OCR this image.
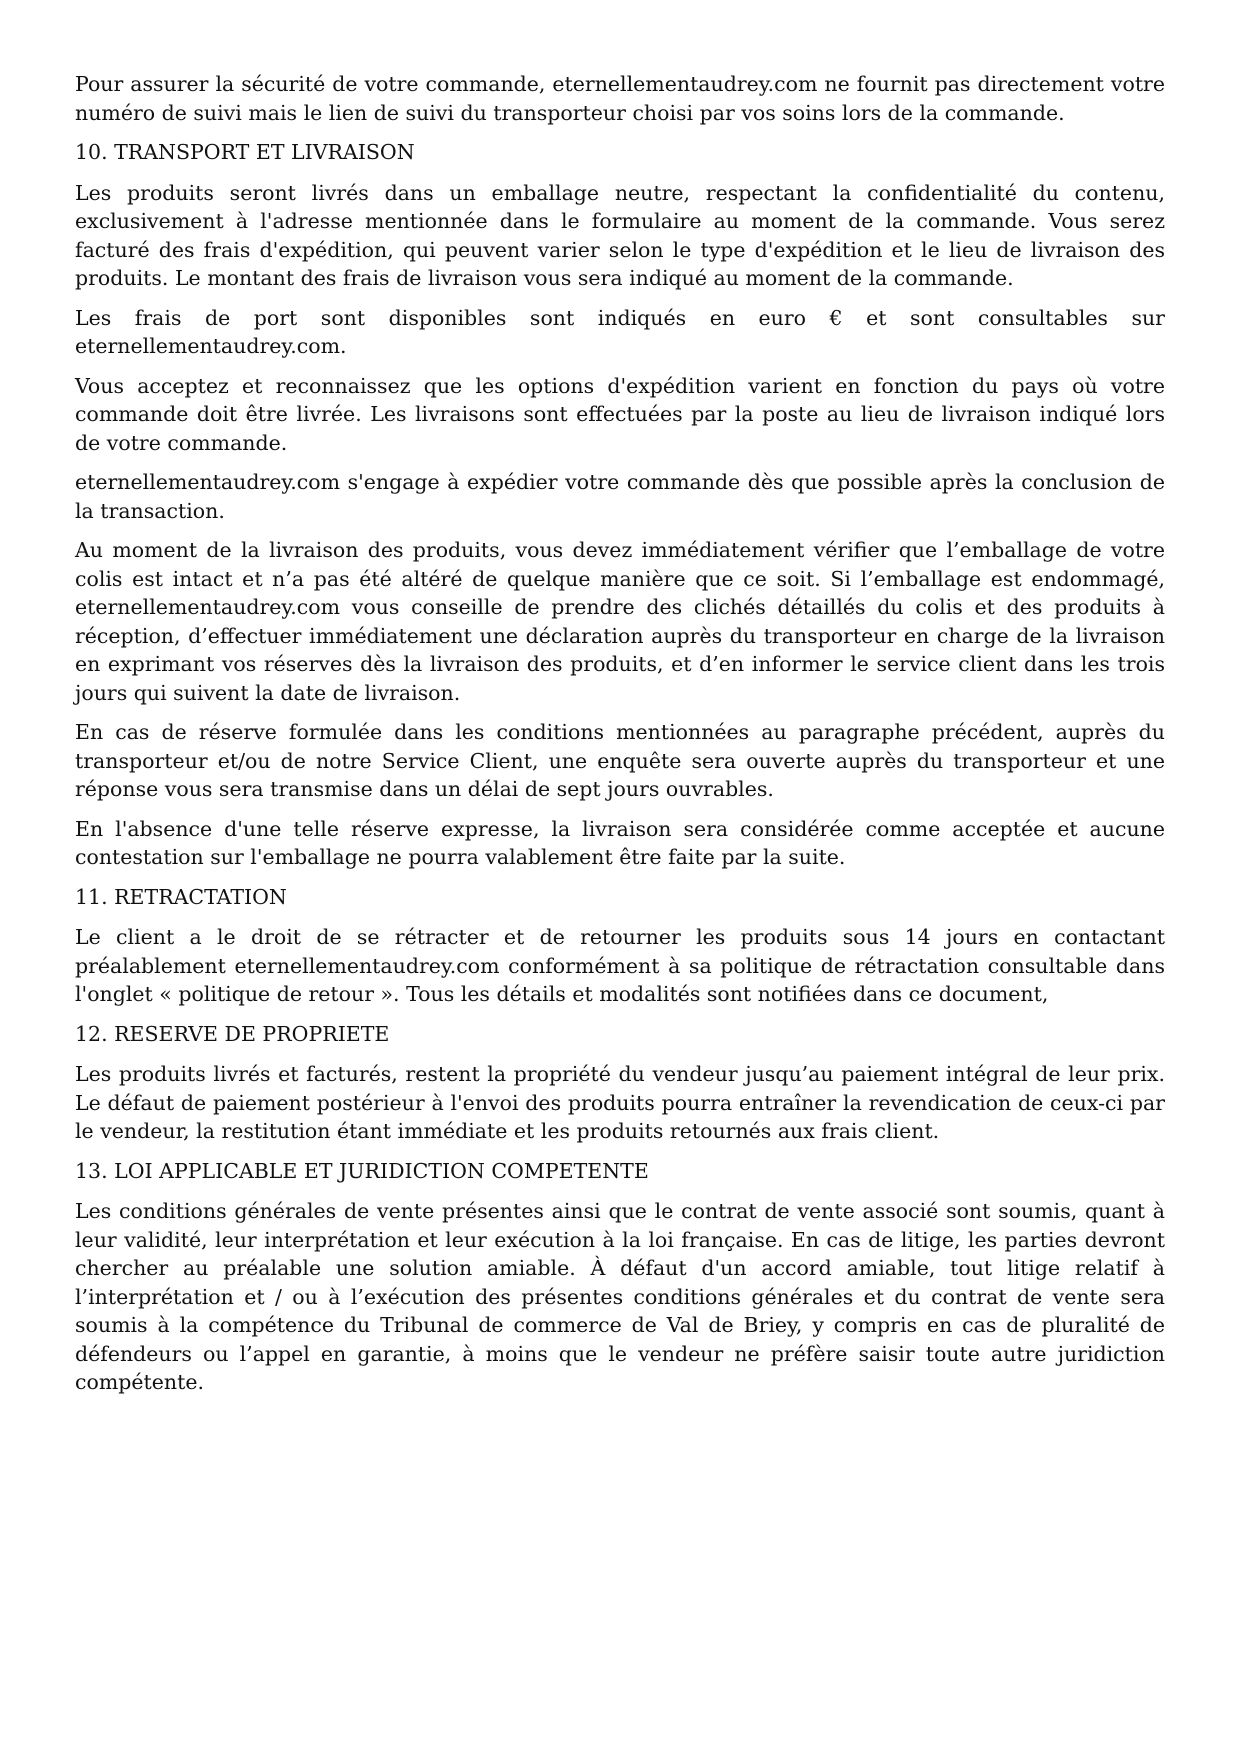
Pour assurer la sécurité de votre commande, eternellementaudrey.com ne fournit pas directement votre numéro de suivi mais le lien de suivi du transporteur choisi par vos soins lors de la commande.

10. TRANSPORT ET LIVRAISON

Les produits seront livrés dans un emballage neutre, respectant la confidentialité du contenu, exclusivement à l'adresse mentionnée dans le formulaire au moment de la commande. Vous serez facturé des frais d'expédition, qui peuvent varier selon le type d'expédition et le lieu de livraison des produits. Le montant des frais de livraison vous sera indiqué au moment de la commande.

Les frais de port sont disponibles sont indiqués en euro € et sont consultables sur eternellementaudrey.com.

Vous acceptez et reconnaissez que les options d'expédition varient en fonction du pays où votre commande doit être livrée. Les livraisons sont effectuées par la poste au lieu de livraison indiqué lors de votre commande.

eternellementaudrey.com s'engage à expédier votre commande dès que possible après la conclusion de la transaction.

Au moment de la livraison des produits, vous devez immédiatement vérifier que l’emballage de votre colis est intact et n’a pas été altéré de quelque manière que ce soit. Si l’emballage est endommagé, eternellementaudrey.com vous conseille de prendre des clichés détaillés du colis et des produits à réception, d’effectuer immédiatement une déclaration auprès du transporteur en charge de la livraison en exprimant vos réserves dès la livraison des produits, et d’en informer le service client dans les trois jours qui suivent la date de livraison.

En cas de réserve formulée dans les conditions mentionnées au paragraphe précédent, auprès du transporteur et/ou de notre Service Client, une enquête sera ouverte auprès du transporteur et une réponse vous sera transmise dans un délai de sept jours ouvrables.

En l'absence d'une telle réserve expresse, la livraison sera considérée comme acceptée et aucune contestation sur l'emballage ne pourra valablement être faite par la suite.

11. RETRACTATION

Le client a le droit de se rétracter et de retourner les produits sous 14 jours en contactant préalablement eternellementaudrey.com conformément à sa politique de rétractation consultable dans l'onglet « politique de retour ». Tous les détails et modalités sont notifiées dans ce document,

12. RESERVE DE PROPRIETE

Les produits livrés et facturés, restent la propriété du vendeur jusqu’au paiement intégral de leur prix. Le défaut de paiement postérieur à l'envoi des produits pourra entraîner la revendication de ceux-ci par le vendeur, la restitution étant immédiate et les produits retournés aux frais client.

13. LOI APPLICABLE ET JURIDICTION COMPETENTE

Les conditions générales de vente présentes ainsi que le contrat de vente associé sont soumis, quant à leur validité, leur interprétation et leur exécution à la loi française. En cas de litige, les parties devront chercher au préalable une solution amiable. À défaut d'un accord amiable, tout litige relatif à l’interprétation et / ou à l’exécution des présentes conditions générales et du contrat de vente sera soumis à la compétence du Tribunal de commerce de Val de Briey, y compris en cas de pluralité de défendeurs ou l’appel en garantie, à moins que le vendeur ne préfère saisir toute autre juridiction compétente.
